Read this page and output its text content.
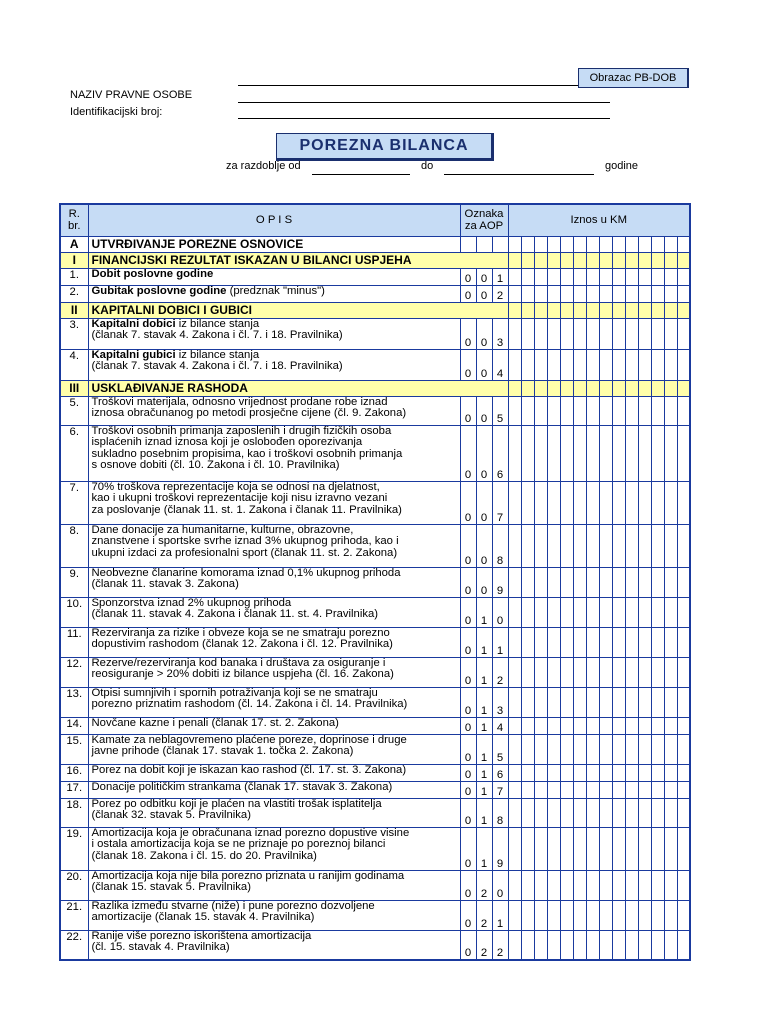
Obrazac PB-DOB
NAZIV PRAVNE OSOBE
Identifikacijski broj:
POREZNA BILANCA
za razdoblje od	do	godine
R.
br.	O P I S	Oznaka
za AOP			Iznos u KM													
A	UTVRĐIVANJE POREZNE OSNOVICE																	
I	FINANCIJSKI REZULTAT ISKAZAN U BILANCI USPJEHA																	
1.	Dobit poslovne godine	0	0	1														
2.	Gubitak poslovne godine (predznak "minus")	0	0	2														
II	KAPITALNI DOBICI I GUBICI																	
3.	Kapitalni dobici iz bilance stanja
(članak 7. stavak 4. Zakona i čl. 7. i 18. Pravilnika)	0	0	3														
4.	Kapitalni gubici iz bilance stanja
(članak 7. stavak 4. Zakona i čl. 7. i 18. Pravilnika)	0	0	4														
III	USKLAĐIVANJE RASHODA																	
5.	Troškovi materijala, odnosno vrijednost prodane robe iznad
iznosa obračunanog po metodi prosječne cijene (čl. 9. Zakona)	0	0	5														
6.	Troškovi osobnih primanja zaposlenih i drugih fizičkih osoba
isplaćenih iznad iznosa koji je oslobođen oporezivanja
sukladno posebnim propisima, kao i troškovi osobnih primanja
s osnove dobiti (čl. 10. Zakona i čl. 10. Pravilnika)	0	0	6														
7.	70% troškova reprezentacije koja se odnosi na djelatnost,
kao i ukupni troškovi reprezentacije koji nisu izravno vezani
za poslovanje (članak 11. st. 1. Zakona i članak 11. Pravilnika)	0	0	7														
8.	Dane donacije za humanitarne, kulturne, obrazovne,
znanstvene i sportske svrhe iznad 3% ukupnog prihoda, kao i
ukupni izdaci za profesionalni sport (članak 11. st. 2. Zakona)	0	0	8														
9.	Neobvezne članarine komorama iznad 0,1% ukupnog prihoda
(članak 11. stavak 3. Zakona)	0	0	9														
10.	Sponzorstva iznad 2% ukupnog prihoda
(članak 11. stavak 4. Zakona i članak 11. st. 4. Pravilnika)	0	1	0														
11.	Rezerviranja za rizike i obveze koja se ne smatraju porezno
dopustivim rashodom (članak 12. Zakona i čl. 12. Pravilnika)	0	1	1														
12.	Rezerve/rezerviranja kod banaka i društava za osiguranje i
reosiguranje > 20% dobiti iz bilance uspjeha (čl. 16. Zakona)	0	1	2														
13.	Otpisi sumnjivih i spornih potraživanja koji se ne smatraju
porezno priznatim rashodom (čl. 14. Zakona i čl. 14. Pravilnika)	0	1	3														
14.	Novčane kazne i penali (članak 17. st. 2. Zakona)	0	1	4														
15.	Kamate za neblagovremeno plaćene poreze, doprinose i druge
javne prihode (članak 17. stavak 1. točka 2. Zakona)	0	1	5														
16.	Porez na dobit koji je iskazan kao rashod (čl. 17. st. 3. Zakona)	0	1	6														
17.	Donacije političkim strankama (članak 17. stavak 3. Zakona)	0	1	7														
18.	Porez po odbitku koji je plaćen na vlastiti trošak isplatitelja
(članak 32. stavak 5. Pravilnika)	0	1	8														
19.	Amortizacija koja je obračunana iznad porezno dopustive visine
i ostala amortizacija koja se ne priznaje po poreznoj bilanci
(članak 18. Zakona i čl. 15. do 20. Pravilnika)	0	1	9														
20.	Amortizacija koja nije bila porezno priznata u ranijim godinama
(članak 15. stavak 5. Pravilnika)	0	2	0														
21.	Razlika između stvarne (niže) i pune porezno dozvoljene
amortizacije (članak 15. stavak 4. Pravilnika)	0	2	1														
22.	Ranije više porezno iskorištena amortizacija
(čl. 15. stavak 4. Pravilnika)	0	2	2														
